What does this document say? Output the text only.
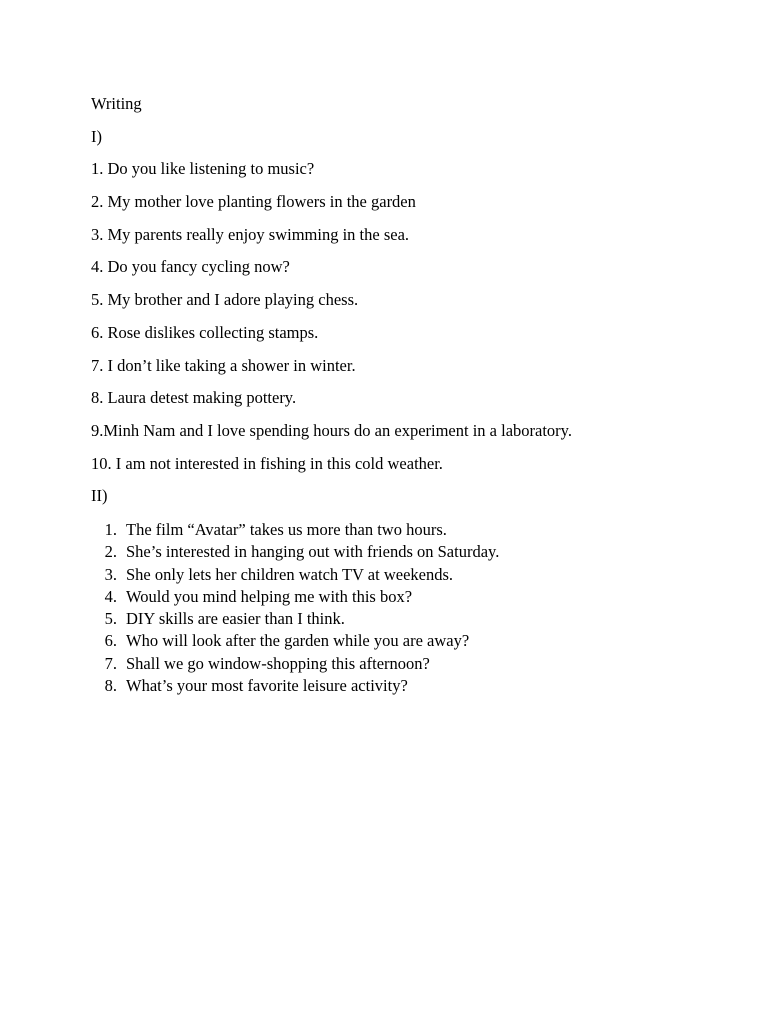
Writing

I)

1. Do you like listening to music?

2. My mother love planting flowers in the garden

3. My parents really enjoy swimming in the sea.

4. Do you fancy cycling now?

5. My brother and I adore playing chess.

6. Rose dislikes collecting stamps.

7. I don’t like taking a shower in winter.

8. Laura detest making pottery.

9.Minh Nam and I love spending hours do an experiment in a laboratory.

10. I am not interested in fishing in this cold weather.

II)

1. The film “Avatar” takes us more than two hours.
2. She’s interested in hanging out with friends on Saturday.
3. She only lets her children watch TV at weekends.
4. Would you mind helping me with this box?
5. DIY skills are easier than I think.
6. Who will look after the garden while you are away?
7. Shall we go window-shopping this afternoon?
8. What’s your most favorite leisure activity?
